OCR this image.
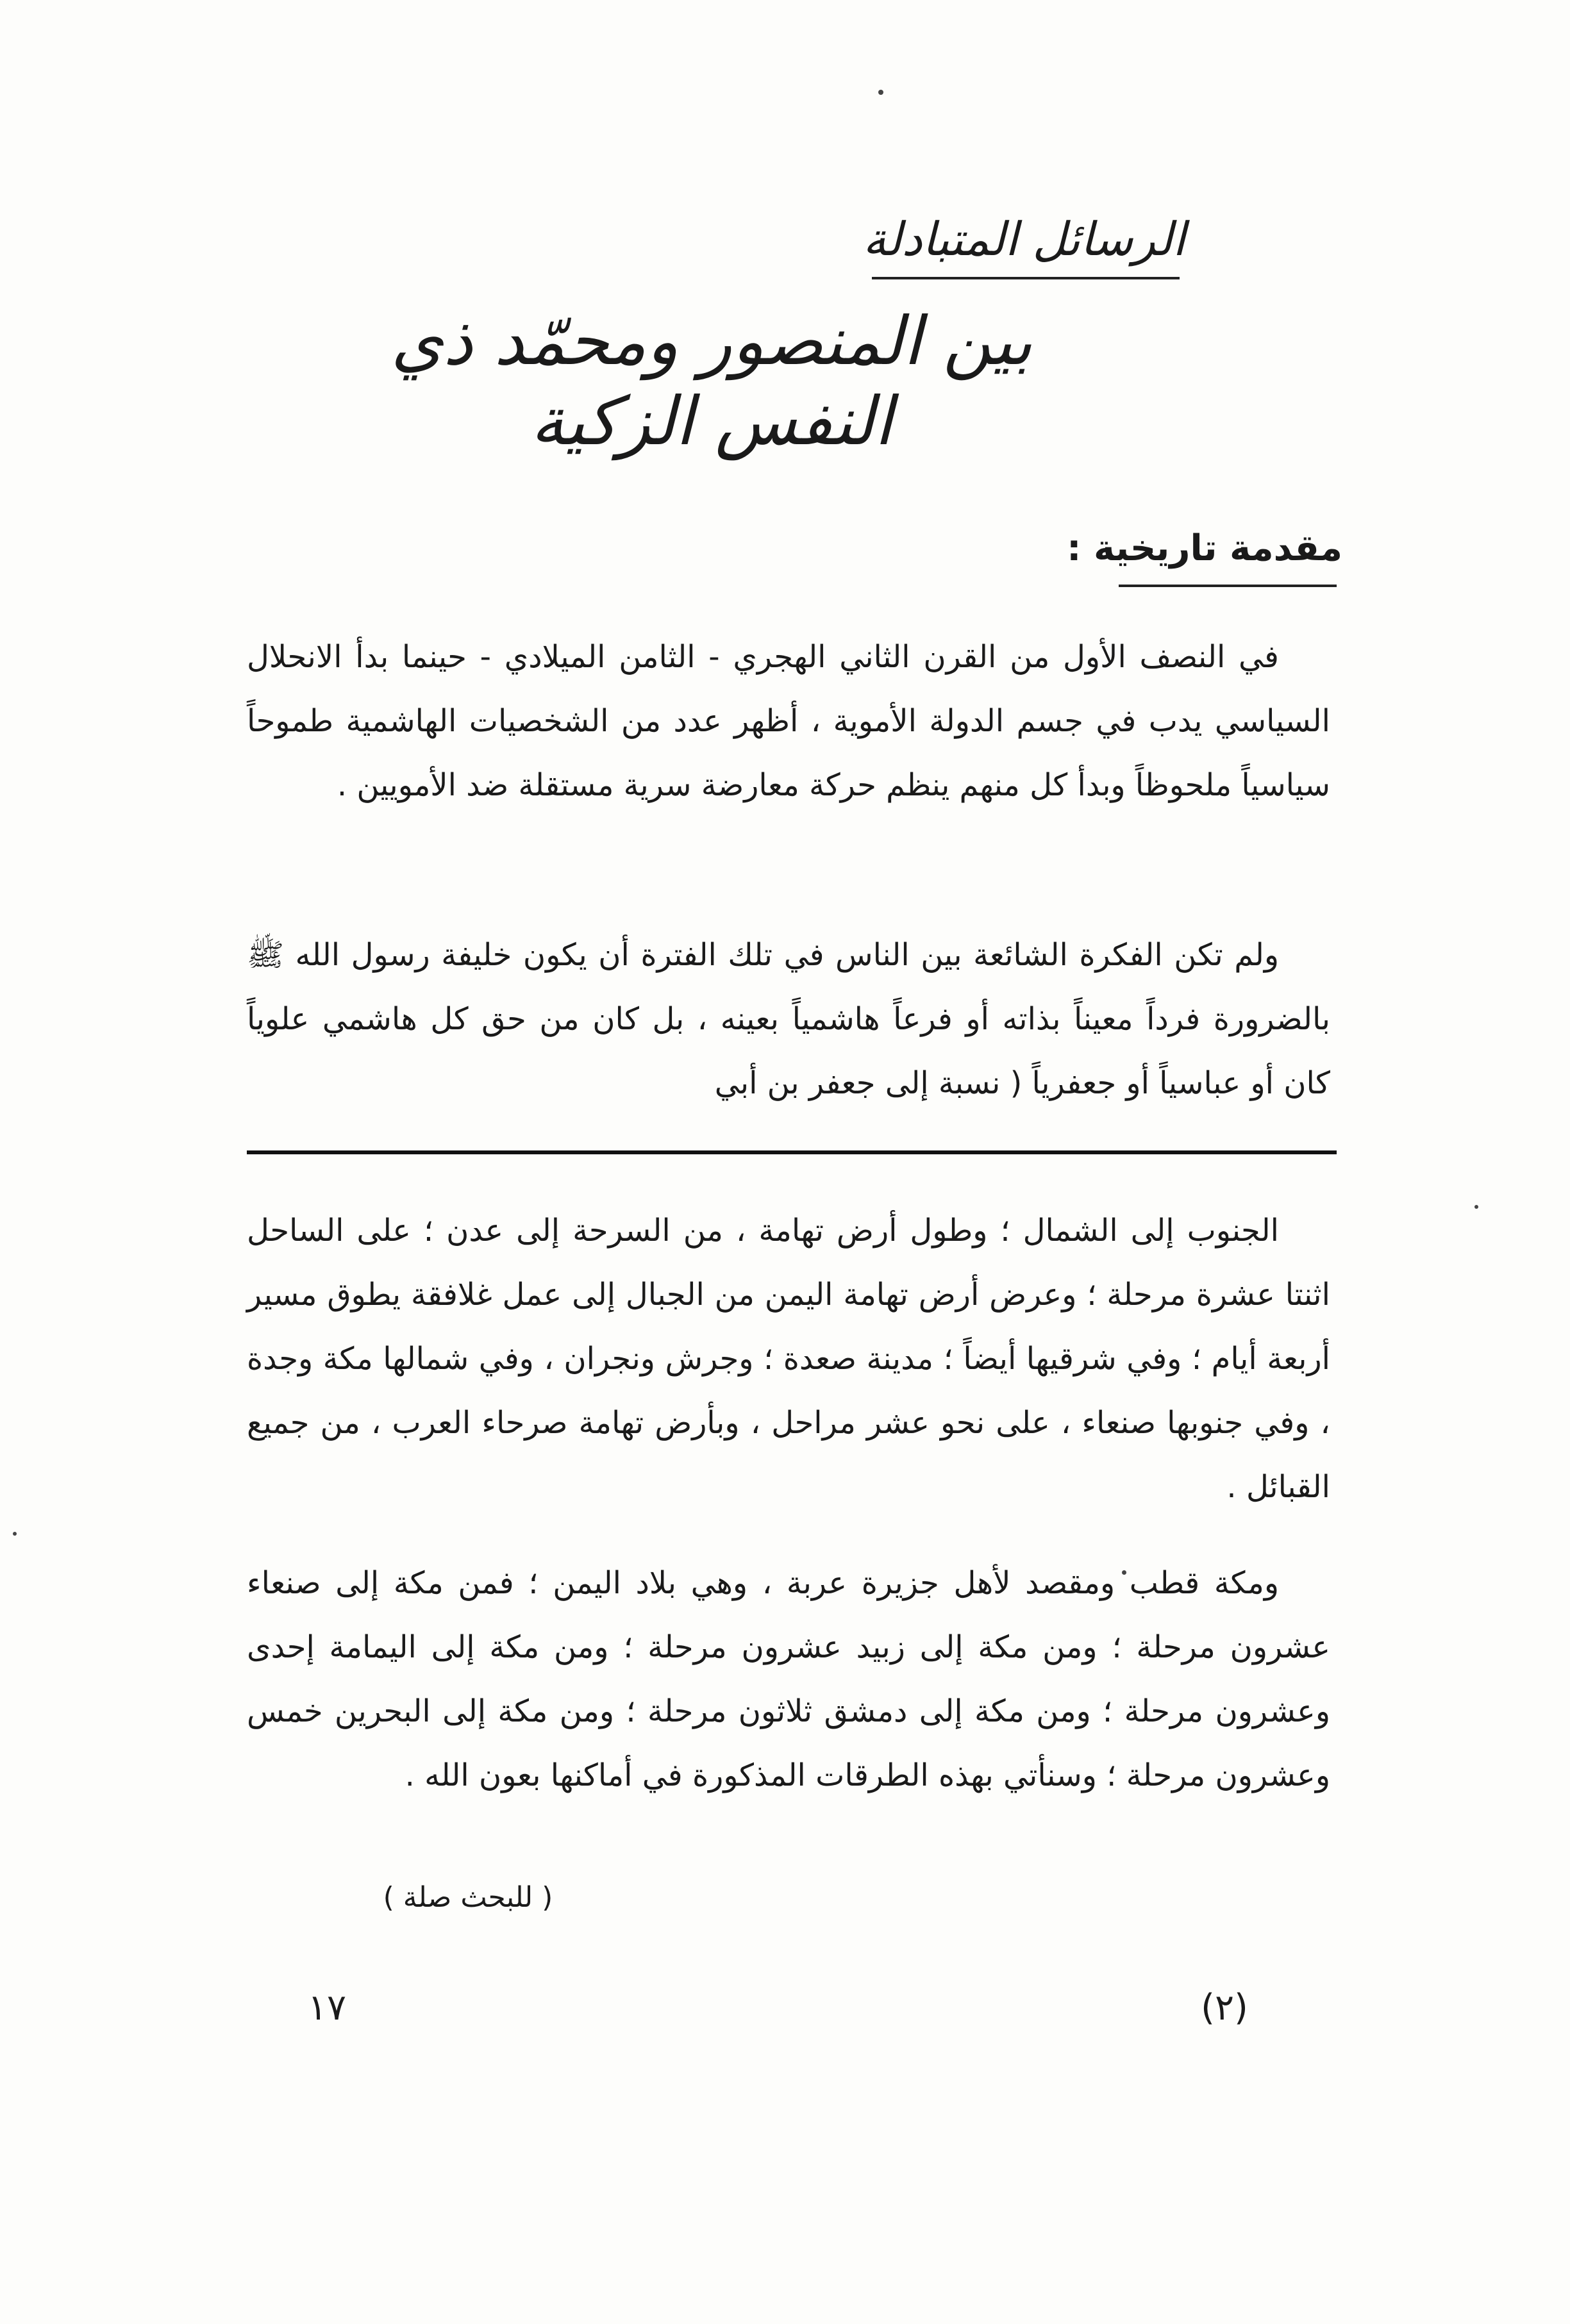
الرسائل المتبادلة
بين المنصور ومحمّد ذي النفس الزكية
مقدمة تاريخية :

في النصف الأول من القرن الثاني الهجري - الثامن الميلادي - حينما بدأ الانحلال السياسي يدب في جسم الدولة الأموية ، أظهر عدد من الشخصيات الهاشمية طموحاً سياسياً ملحوظاً وبدأ كل منهم ينظم حركة معارضة سرية مستقلة ضد الأمويين .

ولم تكن الفكرة الشائعة بين الناس في تلك الفترة أن يكون خليفة رسول الله ﷺ بالضرورة فرداً معيناً بذاته أو فرعاً هاشمياً بعينه ، بل كان من حق كل هاشمي علوياً كان أو عباسياً أو جعفرياً ( نسبة إلى جعفر بن أبي

الجنوب إلى الشمال ؛ وطول أرض تهامة ، من السرحة إلى عدن ؛ على الساحل اثنتا عشرة مرحلة ؛ وعرض أرض تهامة اليمن من الجبال إلى عمل غلافقة يطوق مسير أربعة أيام ؛ وفي شرقيها أيضاً ؛ مدينة صعدة ؛ وجرش ونجران ، وفي شمالها مكة وجدة ، وفي جنوبها صنعاء ، على نحو عشر مراحل ، وبأرض تهامة صرحاء العرب ، من جميع القبائل .

ومكة قطب ومقصد لأهل جزيرة عربة ، وهي بلاد اليمن ؛ فمن مكة إلى صنعاء عشرون مرحلة ؛ ومن مكة إلى زبيد عشرون مرحلة ؛ ومن مكة إلى اليمامة إحدى وعشرون مرحلة ؛ ومن مكة إلى دمشق ثلاثون مرحلة ؛ ومن مكة إلى البحرين خمس وعشرون مرحلة ؛ وسنأتي بهذه الطرقات المذكورة في أماكنها بعون الله .

( للبحث صلة )
١٧	(٢)
